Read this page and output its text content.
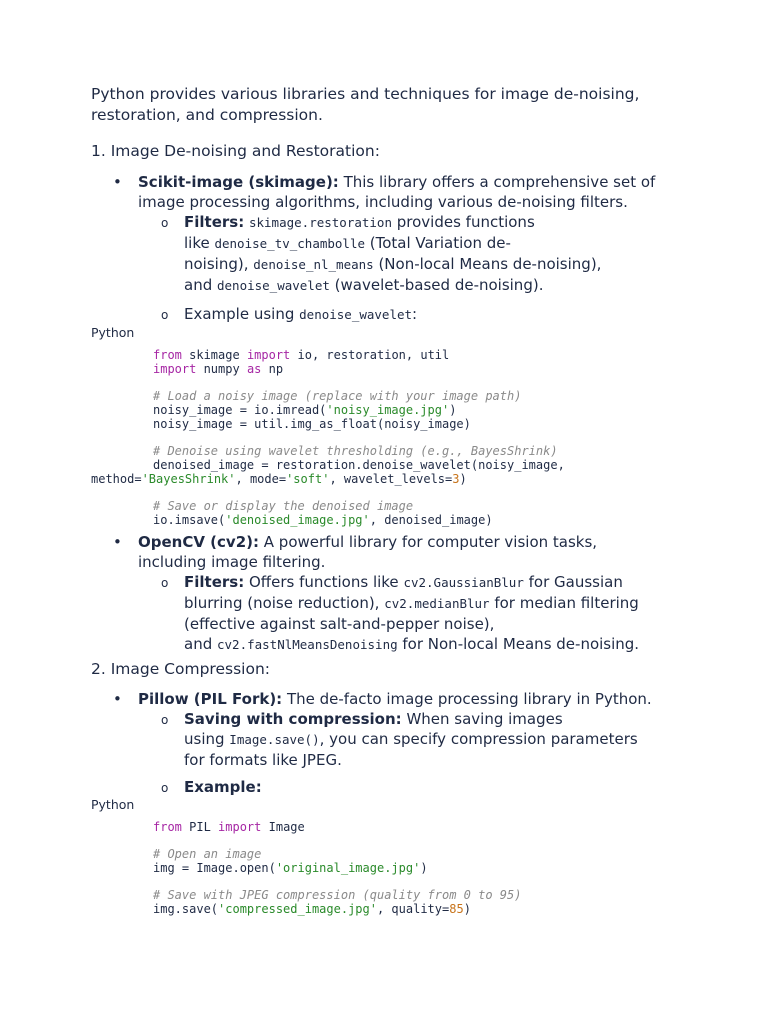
Python provides various libraries and techniques for image de-noising, restoration, and compression.

1. Image De-noising and Restoration:

• Scikit-image (skimage): This library offers a comprehensive set of image processing algorithms, including various de-noising filters.
o Filters: skimage.restoration provides functions
like denoise_tv_chambolle (Total Variation de-
noising), denoise_nl_means (Non-local Means de-noising),
and denoise_wavelet (wavelet-based de-noising).
o Example using denoise_wavelet:
Python
from skimage import io, restoration, util
import numpy as np
# Load a noisy image (replace with your image path)
noisy_image = io.imread('noisy_image.jpg')
noisy_image = util.img_as_float(noisy_image)
# Denoise using wavelet thresholding (e.g., BayesShrink)
denoised_image = restoration.denoise_wavelet(noisy_image,
method='BayesShrink', mode='soft', wavelet_levels=3)
# Save or display the denoised image
io.imsave('denoised_image.jpg', denoised_image)
• OpenCV (cv2): A powerful library for computer vision tasks,
including image filtering.
o Filters: Offers functions like cv2.GaussianBlur for Gaussian
blurring (noise reduction), cv2.medianBlur for median filtering
(effective against salt-and-pepper noise),
and cv2.fastNlMeansDenoising for Non-local Means de-noising.

2. Image Compression:

• Pillow (PIL Fork): The de-facto image processing library in Python.
o Saving with compression: When saving images
using Image.save(), you can specify compression parameters
for formats like JPEG.
o Example:
Python
from PIL import Image
# Open an image
img = Image.open('original_image.jpg')
# Save with JPEG compression (quality from 0 to 95)
img.save('compressed_image.jpg', quality=85)
